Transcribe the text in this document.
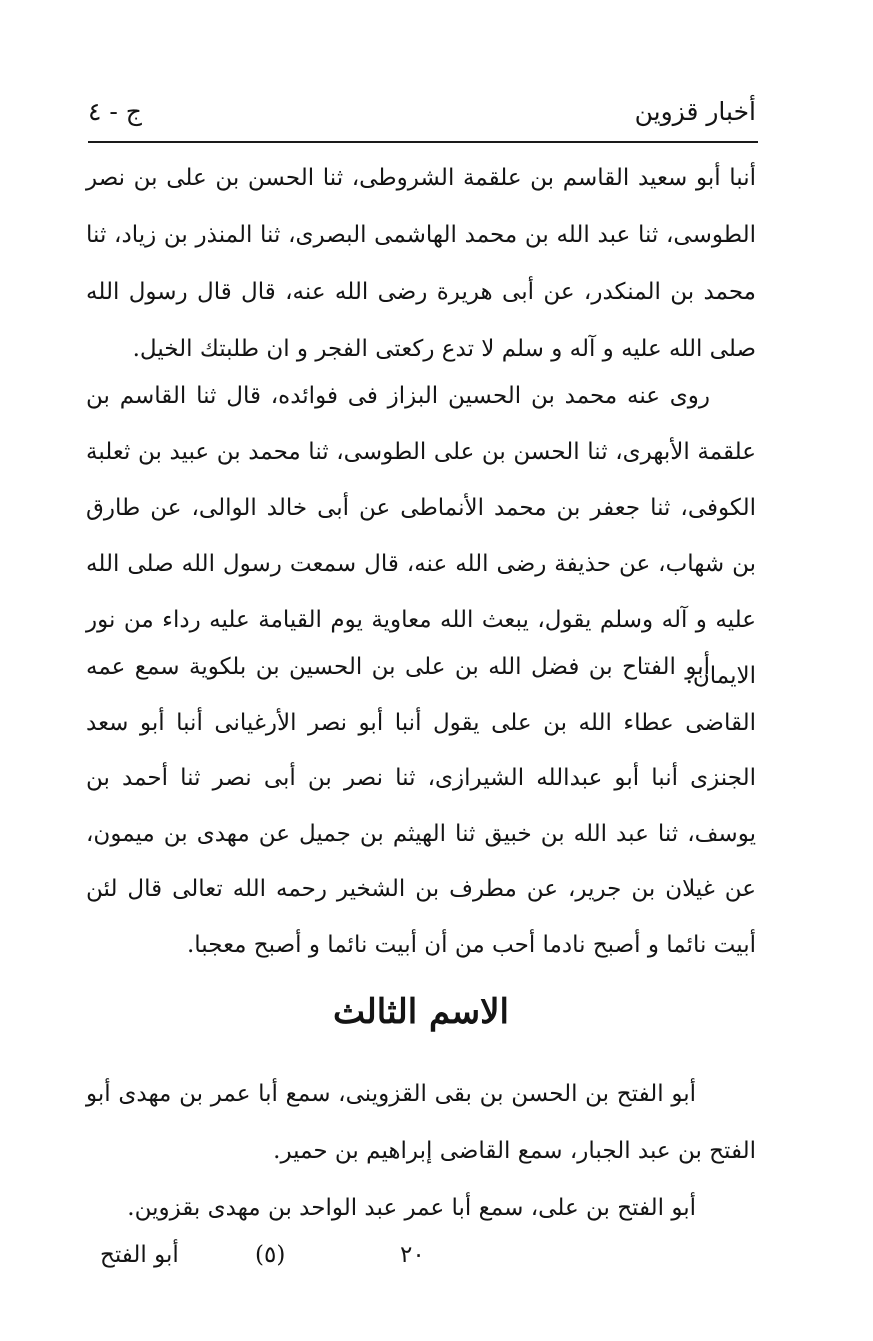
أخبار قزوين
ج - ٤

أنبا أبو سعيد القاسم بن علقمة الشروطى، ثنا الحسن بن علی بن نصر الطوسی، ثنا عبد الله بن محمد الهاشمی البصری، ثنا المنذر بن زیاد، ثنا محمد بن المنکدر، عن أبی هریرة رضی الله عنه، قال قال رسول الله صلی الله علیه و آله و سلم لا تدع رکعتی الفجر و ان طلبتك الخیل.

روی عنه محمد بن الحسین البزاز فی فوائده، قال ثنا القاسم بن علقمة الأبهری، ثنا الحسن بن علی الطوسی، ثنا محمد بن عبید بن ثعلبة الکوفی، ثنا جعفر بن محمد الأنماطی عن أبی خالد الوالی، عن طارق بن شهاب، عن حذیفة رضی الله عنه، قال سمعت رسول الله صلی الله علیه و آله وسلم یقول، یبعث الله معاویة یوم القیامة علیه رداء من نور الایمان.

أبو الفتاح بن فضل الله بن علی بن الحسین بن بلکویة سمع عمه القاضی عطاء الله بن علی یقول أنبا أبو نصر الأرغیانی أنبا أبو سعد الجنزی أنبا أبو عبدالله الشیرازی، ثنا نصر بن أبی نصر ثنا أحمد بن یوسف، ثنا عبد الله بن خبیق ثنا الهیثم بن جمیل عن مهدی بن میمون، عن غیلان بن جریر، عن مطرف بن الشخیر رحمه الله تعالی قال لئن أبیت نائما و أصبح نادما أحب من أن أبیت نائما و أصبح معجبا.

الاسم الثالث

أبو الفتح بن الحسن بن بقی القزوینی، سمع أبا عمر بن مهدی أبو الفتح بن عبد الجبار، سمع القاضی إبراهیم بن حمیر.

أبو الفتح بن علی، سمع أبا عمر عبد الواحد بن مهدی بقزوین.

٢٠
(٥)
أبو الفتح
